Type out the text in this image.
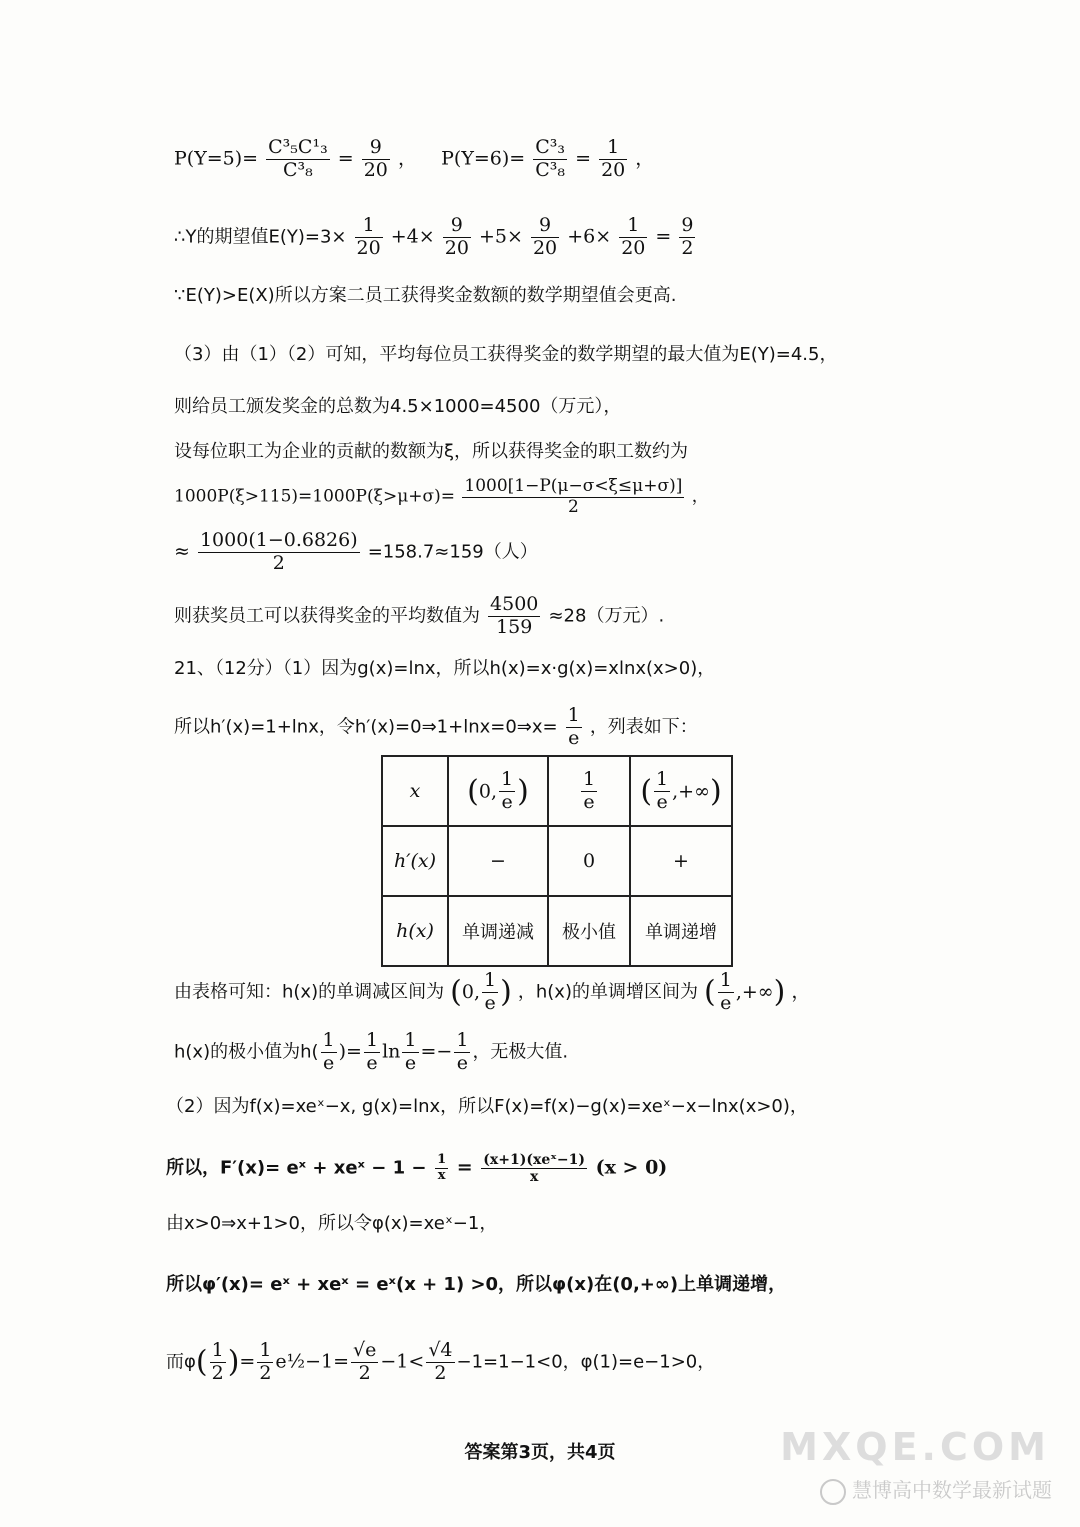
$P(Y=5)= \frac{\text{C³₅C¹₃}}{\text{C³₈}} = \frac{9}{20}$ ， $P(Y=6)= \frac{\text{C³₃}}{\text{C³₈}} = \frac{1}{20}$ ，
∴Y的期望值$E(Y)=3\times \frac{1}{20} +4\times \frac{9}{20} +5\times \frac{9}{20} +6\times \frac{1}{20} = \frac{9}{2}$
∵E(Y)>E(X)所以方案二员工获得奖金数额的数学期望值会更高.
（3）由（1）（2）可知，平均每位员工获得奖金的数学期望的最大值为E(Y)=4.5，
则给员工颁发奖金的总数为4.5×1000=4500（万元），
设每位职工为企业的贡献的数额为ξ，所以获得奖金的职工数约为
$1000P(\xi>115)=1000P(\xi>\mu+\sigma)= \frac{1000[1-P(\mu-\sigma<\xi\le\mu+\sigma)]}{2}$ ，
≈ $\frac{1000(1-0.6826)}{2} =158.7\approx 159$（人）
则获奖员工可以获得奖金的平均数值为 $\frac{4500}{159} \approx 28$（万元）.
21、（12分）（1）因为g(x)=lnx，所以h(x)=x·g(x)=xlnx(x>0)，
所以h′(x)=1+lnx，令h′(x)=0⇒1+lnx=0⇒x= $\frac{1}{e}$ ，列表如下：
x	(0, $\frac{1}{e}$ )	$\frac{1}{e}$	( $\frac{1}{e}$ ,+∞)
h′(x)	−	0	+
h(x)	单调递减	极小值	单调递增
由表格可知：h(x)的单调减区间为 (0, $\frac{1}{e}$ ) ，h(x)的单调增区间为 ( $\frac{1}{e}$ ,+∞) ，
h(x)的极小值为$h( \frac{1}{e}$ )= $\frac{1}{e}$ $\ln \frac{1}{e} =- \frac{1}{e}$ ，无极大值.
（2）因为f(x)=xeˣ−x, g(x)=lnx，所以F(x)=f(x)−g(x)=xeˣ−x−lnx(x>0)，
所以，F′(x)= eˣ + xeˣ − $1 - \frac{1}{x} = \frac{\text{(x+1)(xeˣ−1)}}{x} (x > 0)$
由x>0⇒x+1>0，所以令φ(x)=xeˣ−1，
所以φ′(x)= eˣ + xeˣ = eˣ(x + 1) >0，所以φ(x)在(0,+∞)上单调递增，
而$\varphi( \frac{1}{2}$ )= $\frac{1}{2}$ e½−1= $\frac{√e}{2} -1< \frac{√4}{2} -1=1-1<0$，φ(1)=e−1>0，
答案第3页，共4页	MXQE.COM
慧博高中数学最新试题
